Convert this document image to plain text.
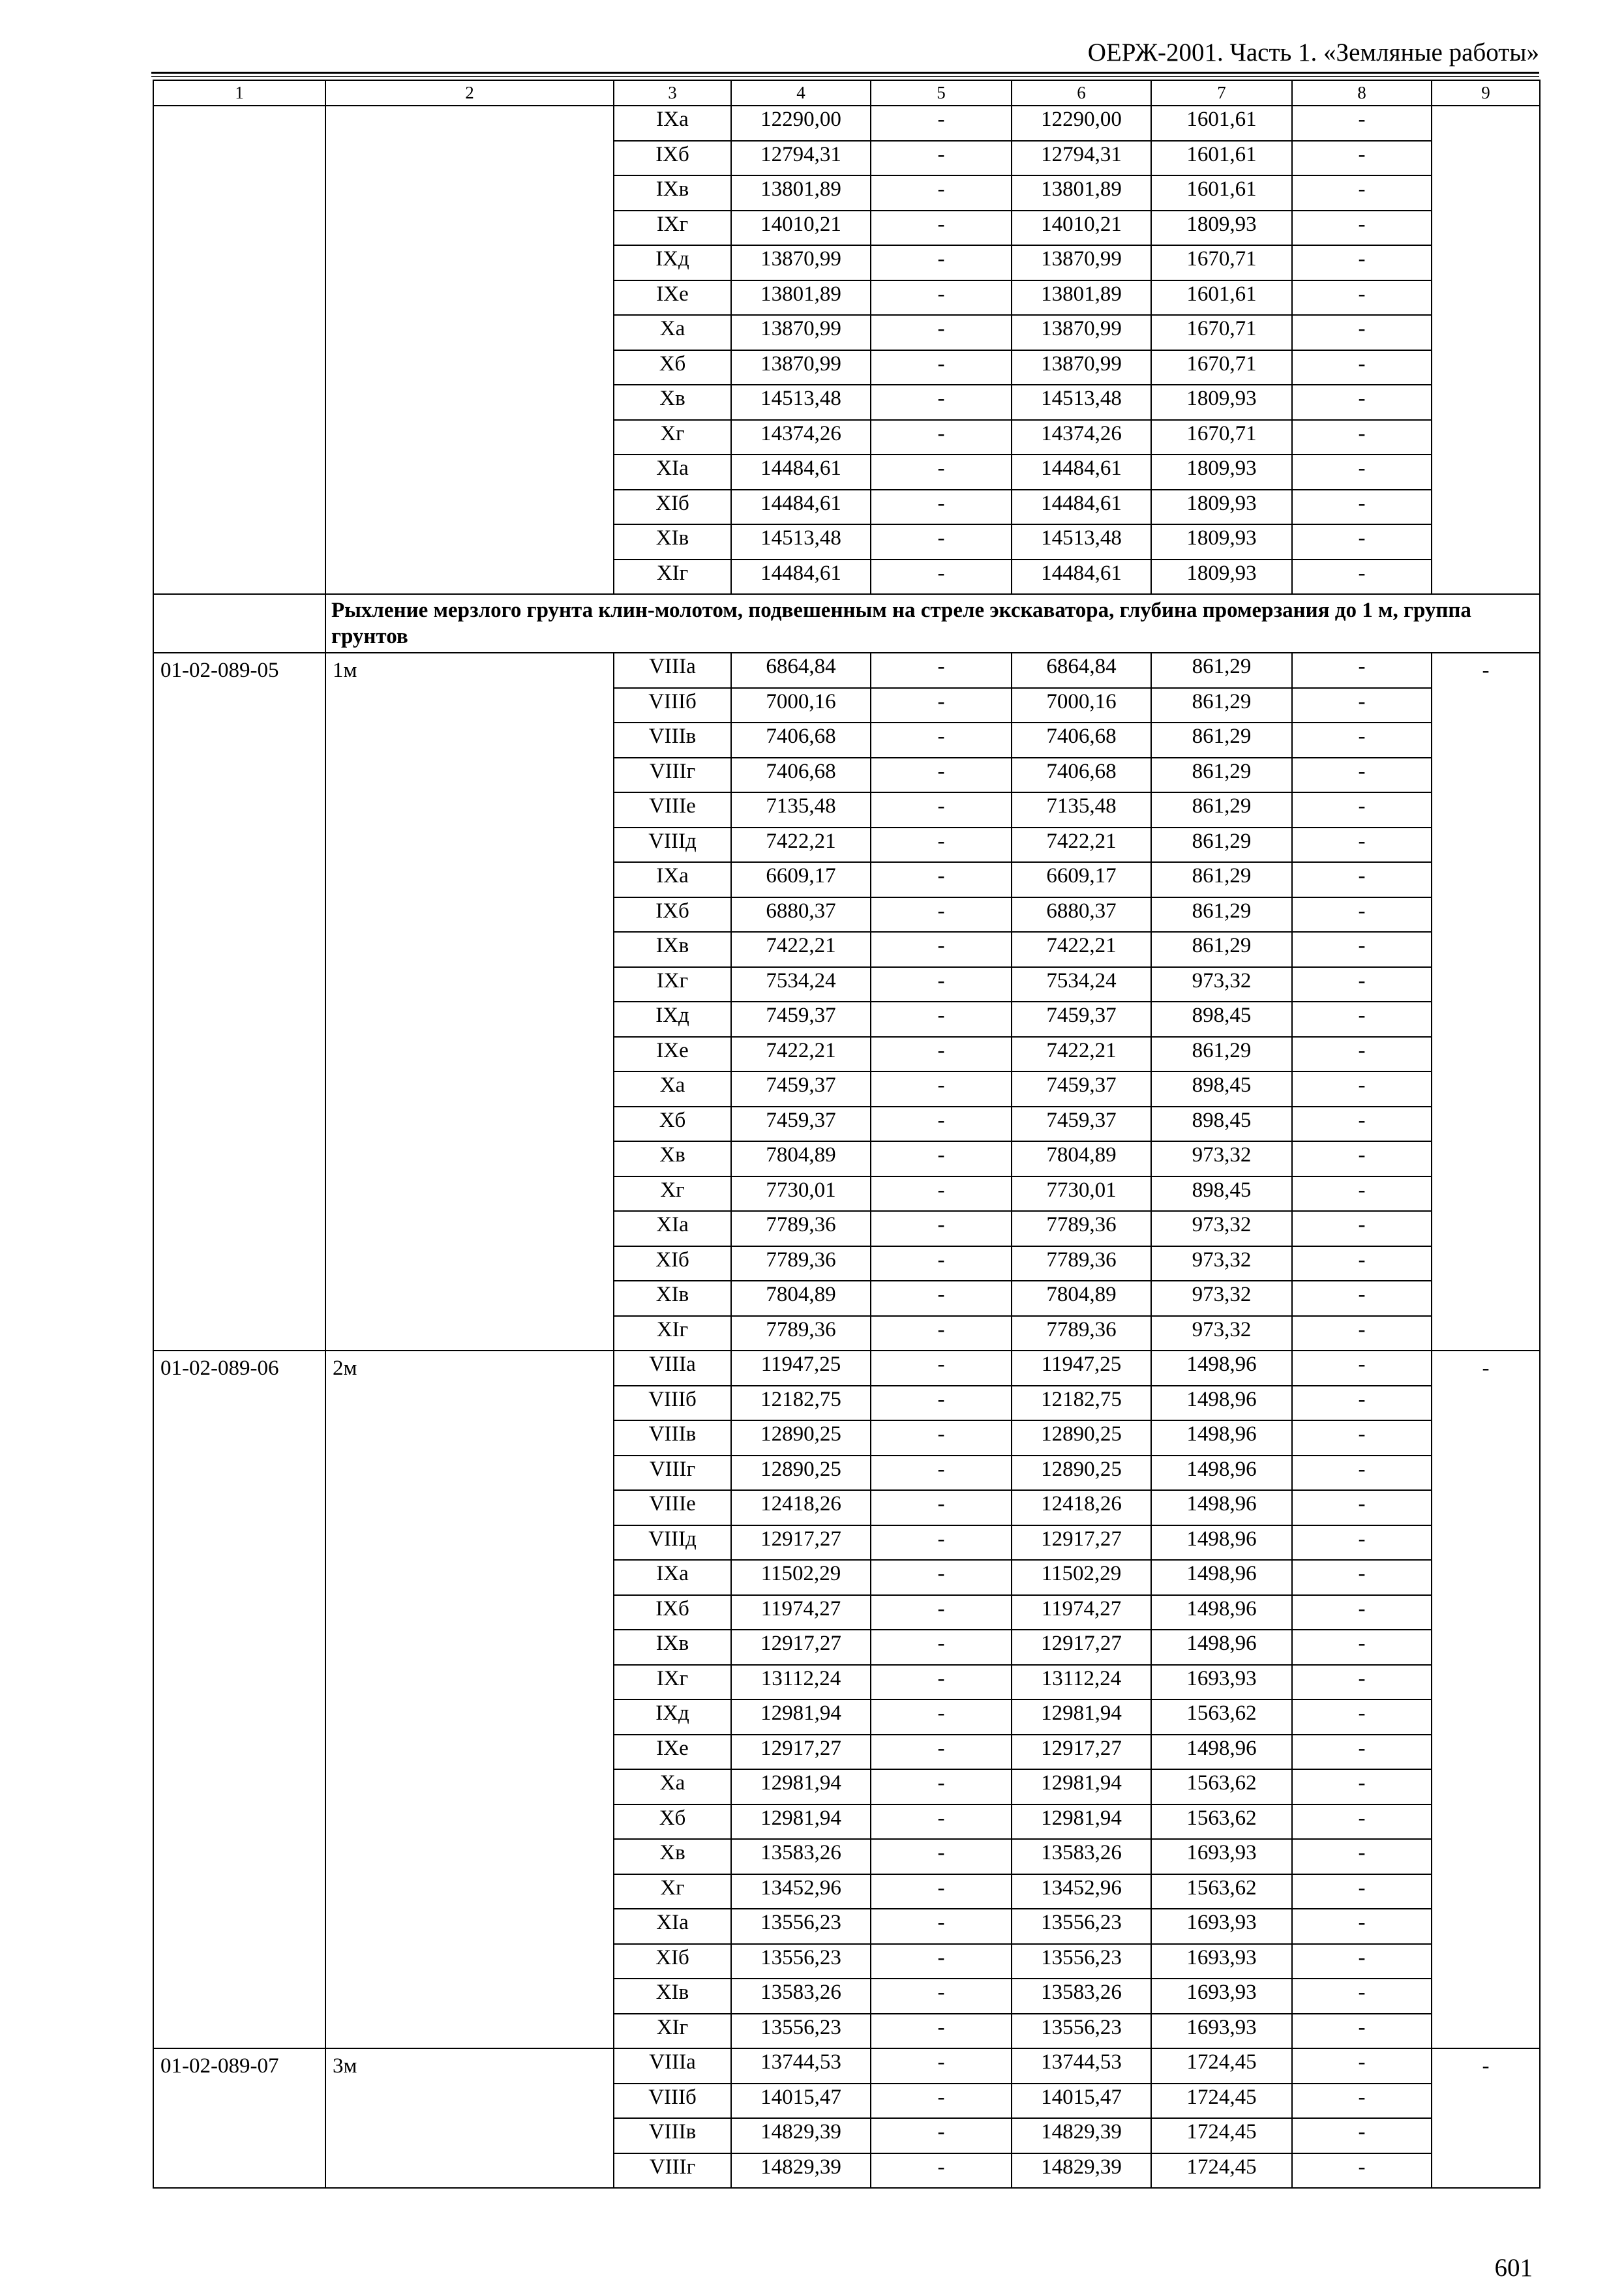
ОЕРЖ-2001. Часть 1. «Земляные работы»
1	2	3	4	5	6	7	8	9
		IXа	12290,00	-	12290,00	1601,61	-	
		IXб	12794,31	-	12794,31	1601,61	-	
		IXв	13801,89	-	13801,89	1601,61	-	
		IXг	14010,21	-	14010,21	1809,93	-	
		IXд	13870,99	-	13870,99	1670,71	-	
		IXе	13801,89	-	13801,89	1601,61	-	
		Xа	13870,99	-	13870,99	1670,71	-	
		Xб	13870,99	-	13870,99	1670,71	-	
		Xв	14513,48	-	14513,48	1809,93	-	
		Xг	14374,26	-	14374,26	1670,71	-	
		XIа	14484,61	-	14484,61	1809,93	-	
		XIб	14484,61	-	14484,61	1809,93	-	
		XIв	14513,48	-	14513,48	1809,93	-	
		XIг	14484,61	-	14484,61	1809,93	-	
	Рыхление мерзлого грунта клин-молотом, подвешенным на стреле экскаватора, глубина промерзания до 1 м, группа грунтов							
01-02-089-05	1м	VIIIа	6864,84	-	6864,84	861,29	-	-
		VIIIб	7000,16	-	7000,16	861,29	-	
		VIIIв	7406,68	-	7406,68	861,29	-	
		VIIIг	7406,68	-	7406,68	861,29	-	
		VIIIе	7135,48	-	7135,48	861,29	-	
		VIIIд	7422,21	-	7422,21	861,29	-	
		IXа	6609,17	-	6609,17	861,29	-	
		IXб	6880,37	-	6880,37	861,29	-	
		IXв	7422,21	-	7422,21	861,29	-	
		IXг	7534,24	-	7534,24	973,32	-	
		IXд	7459,37	-	7459,37	898,45	-	
		IXе	7422,21	-	7422,21	861,29	-	
		Xа	7459,37	-	7459,37	898,45	-	
		Xб	7459,37	-	7459,37	898,45	-	
		Xв	7804,89	-	7804,89	973,32	-	
		Xг	7730,01	-	7730,01	898,45	-	
		XIа	7789,36	-	7789,36	973,32	-	
		XIб	7789,36	-	7789,36	973,32	-	
		XIв	7804,89	-	7804,89	973,32	-	
		XIг	7789,36	-	7789,36	973,32	-	
01-02-089-06	2м	VIIIа	11947,25	-	11947,25	1498,96	-	-
		VIIIб	12182,75	-	12182,75	1498,96	-	
		VIIIв	12890,25	-	12890,25	1498,96	-	
		VIIIг	12890,25	-	12890,25	1498,96	-	
		VIIIе	12418,26	-	12418,26	1498,96	-	
		VIIIд	12917,27	-	12917,27	1498,96	-	
		IXа	11502,29	-	11502,29	1498,96	-	
		IXб	11974,27	-	11974,27	1498,96	-	
		IXв	12917,27	-	12917,27	1498,96	-	
		IXг	13112,24	-	13112,24	1693,93	-	
		IXд	12981,94	-	12981,94	1563,62	-	
		IXе	12917,27	-	12917,27	1498,96	-	
		Xа	12981,94	-	12981,94	1563,62	-	
		Xб	12981,94	-	12981,94	1563,62	-	
		Xв	13583,26	-	13583,26	1693,93	-	
		Xг	13452,96	-	13452,96	1563,62	-	
		XIа	13556,23	-	13556,23	1693,93	-	
		XIб	13556,23	-	13556,23	1693,93	-	
		XIв	13583,26	-	13583,26	1693,93	-	
		XIг	13556,23	-	13556,23	1693,93	-	
01-02-089-07	3м	VIIIа	13744,53	-	13744,53	1724,45	-	-
		VIIIб	14015,47	-	14015,47	1724,45	-	
		VIIIв	14829,39	-	14829,39	1724,45	-	
		VIIIг	14829,39	-	14829,39	1724,45	-	
601
